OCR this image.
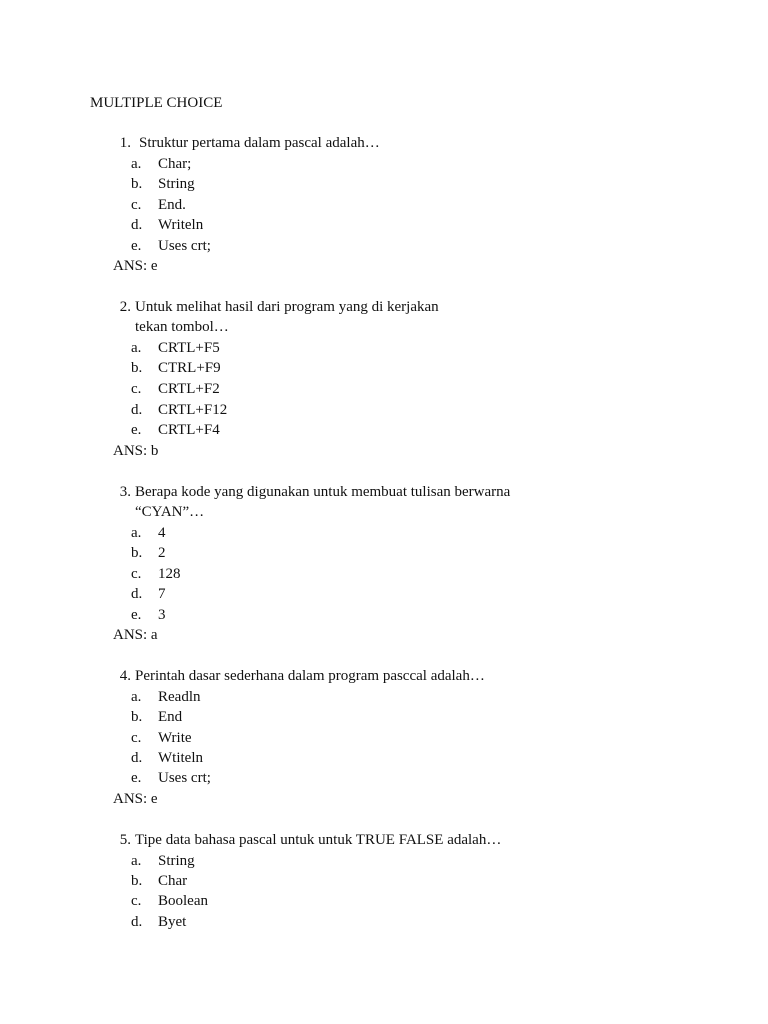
MULTIPLE CHOICE
1. Struktur pertama dalam pascal adalah…
a.	Char;
b.	String
c.	End.
d.	Writeln
e.	Uses crt;
ANS: e
2. Untuk melihat hasil dari program yang di kerjakan
tekan tombol…
a.	CRTL+F5
b.	CTRL+F9
c.	CRTL+F2
d.	CRTL+F12
e.	CRTL+F4
ANS: b
3. Berapa kode yang digunakan untuk membuat tulisan berwarna
“CYAN”…
a.	4
b.	2
c.	128
d.	7
e.	3
ANS: a
4. Perintah dasar sederhana dalam program pasccal adalah…
a.	Readln
b.	End
c.	Write
d.	Wtiteln
e.	Uses crt;
ANS: e
5. Tipe data bahasa pascal untuk untuk TRUE FALSE adalah…
a.	String
b.	Char
c.	Boolean
d.	Byet
